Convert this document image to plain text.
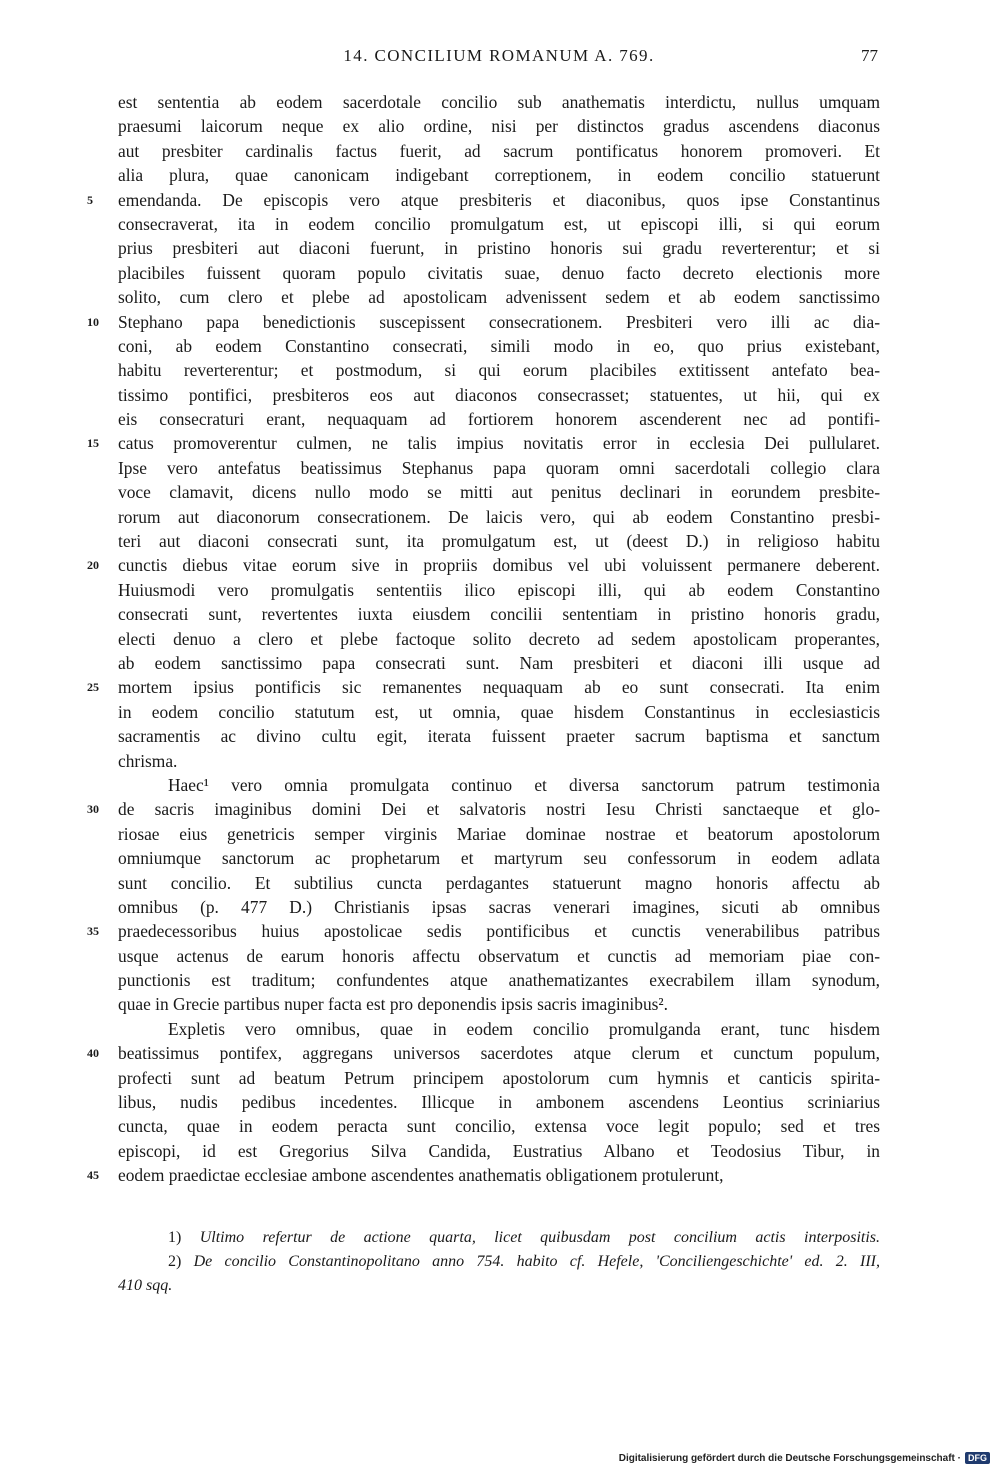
14. CONCILIUM ROMANUM A. 769.	77
est sententia ab eodem sacerdotale concilio sub anathematis interdictu, nullus umquam
praesumi laicorum neque ex alio ordine, nisi per distinctos gradus ascendens diaconus
aut presbiter cardinalis factus fuerit, ad sacrum pontificatus honorem promoveri. Et
alia plura, quae canonicam indigebant correptionem, in eodem concilio statuerunt
5	emendanda. De episcopis vero atque presbiteris et diaconibus, quos ipse Constantinus
consecraverat, ita in eodem concilio promulgatum est, ut episcopi illi, si qui eorum
prius presbiteri aut diaconi fuerunt, in pristino honoris sui gradu reverterentur; et si
placibiles fuissent quoram populo civitatis suae, denuo facto decreto electionis more
solito, cum clero et plebe ad apostolicam advenissent sedem et ab eodem sanctissimo
10	Stephano papa benedictionis suscepissent consecrationem. Presbiteri vero illi ac dia-
coni, ab eodem Constantino consecrati, simili modo in eo, quo prius existebant,
habitu reverterentur; et postmodum, si qui eorum placibiles extitissent antefato bea-
tissimo pontifici, presbiteros eos aut diaconos consecrasset; statuentes, ut hii, qui ex
eis consecraturi erant, nequaquam ad fortiorem honorem ascenderent nec ad pontifi-
15	catus promoverentur culmen, ne talis impius novitatis error in ecclesia Dei pullularet.
Ipse vero antefatus beatissimus Stephanus papa quoram omni sacerdotali collegio clara
voce clamavit, dicens nullo modo se mitti aut penitus declinari in eorundem presbite-
rorum aut diaconorum consecrationem. De laicis vero, qui ab eodem Constantino presbi-
teri aut diaconi consecrati sunt, ita promulgatum est, ut (deest D.) in religioso habitu
20	cunctis diebus vitae eorum sive in propriis domibus vel ubi voluissent permanere deberent.
Huiusmodi vero promulgatis sententiis ilico episcopi illi, qui ab eodem Constantino
consecrati sunt, revertentes iuxta eiusdem concilii sententiam in pristino honoris gradu,
electi denuo a clero et plebe factoque solito decreto ad sedem apostolicam properantes,
ab eodem sanctissimo papa consecrati sunt. Nam presbiteri et diaconi illi usque ad
25	mortem ipsius pontificis sic remanentes nequaquam ab eo sunt consecrati. Ita enim
in eodem concilio statutum est, ut omnia, quae hisdem Constantinus in ecclesiasticis
sacramentis ac divino cultu egit, iterata fuissent praeter sacrum baptisma et sanctum
chrisma.
Haec¹ vero omnia promulgata continuo et diversa sanctorum patrum testimonia
30	de sacris imaginibus domini Dei et salvatoris nostri Iesu Christi sanctaeque et glo-
riosae eius genetricis semper virginis Mariae dominae nostrae et beatorum apostolorum
omniumque sanctorum ac prophetarum et martyrum seu confessorum in eodem adlata
sunt concilio. Et subtilius cuncta perdagantes statuerunt magno honoris affectu ab
omnibus (p. 477 D.) Christianis ipsas sacras venerari imagines, sicuti ab omnibus
35	praedecessoribus huius apostolicae sedis pontificibus et cunctis venerabilibus patribus
usque actenus de earum honoris affectu observatum et cunctis ad memoriam piae con-
punctionis est traditum; confundentes atque anathematizantes execrabilem illam synodum,
quae in Grecie partibus nuper facta est pro deponendis ipsis sacris imaginibus².
Expletis vero omnibus, quae in eodem concilio promulganda erant, tunc hisdem
40	beatissimus pontifex, aggregans universos sacerdotes atque clerum et cunctum populum,
profecti sunt ad beatum Petrum principem apostolorum cum hymnis et canticis spirita-
libus, nudis pedibus incedentes. Illicque in ambonem ascendens Leontius scriniarius
cuncta, quae in eodem peracta sunt concilio, extensa voce legit populo; sed et tres
episcopi, id est Gregorius Silva Candida, Eustratius Albano et Teodosius Tibur, in
45	eodem praedictae ecclesiae ambone ascendentes anathematis obligationem protulerunt,
1) Ultimo refertur de actione quarta, licet quibusdam post concilium actis interpositis.
2) De concilio Constantinopolitano anno 754. habito cf. Hefele, 'Conciliengeschichte' ed. 2. III,
410 sqq.
Digitalisierung gefördert durch die Deutsche Forschungsgemeinschaft · DFG
